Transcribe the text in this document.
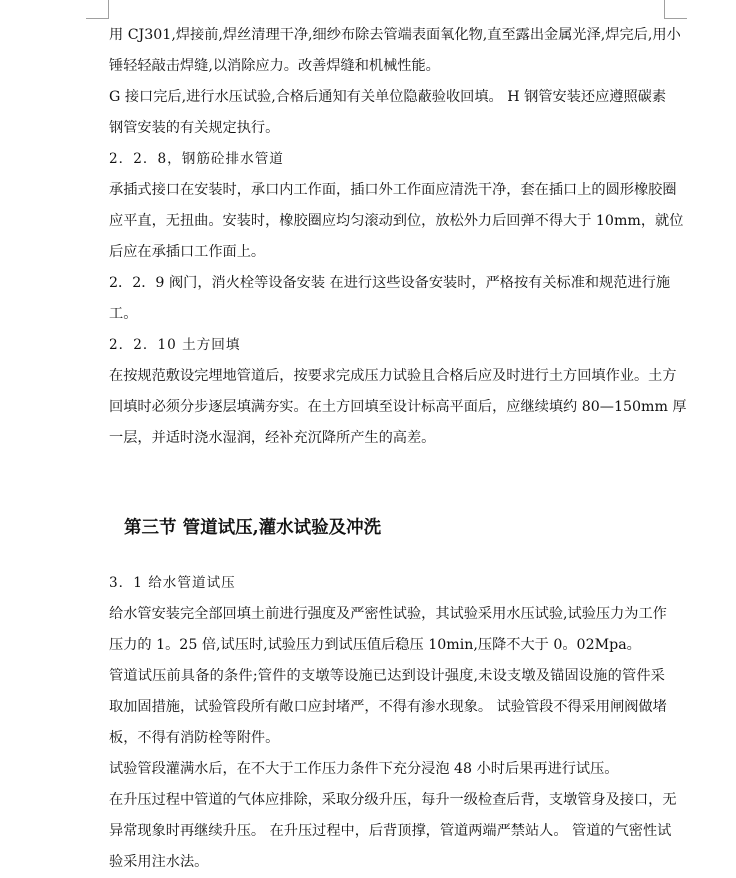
用 CJ301,焊接前,焊丝清理干净,细纱布除去管端表面氧化物,直至露出金属光泽,焊完后,用小
锤轻轻敲击焊缝,以消除应力。改善焊缝和机械性能。
G 接口完后,进行水压试验,合格后通知有关单位隐蔽验收回填。 H 钢管安装还应遵照碳素
钢管安装的有关规定执行。
2．2．8，钢筋砼排水管道
承插式接口在安装时，承口内工作面，插口外工作面应清洗干净，套在插口上的圆形橡胶圈
应平直，无扭曲。安装时，橡胶圈应均匀滚动到位，放松外力后回弹不得大于 10mm，就位
后应在承插口工作面上。
2．2．9 阀门，消火栓等设备安装 在进行这些设备安装时，严格按有关标准和规范进行施
工。
2．2．10 土方回填
在按规范敷设完埋地管道后，按要求完成压力试验且合格后应及时进行土方回填作业。土方
回填时必须分步逐层填满夯实。在土方回填至设计标高平面后，应继续填约 80—150mm 厚
一层，并适时浇水湿润，经补充沉降所产生的高差。
第三节 管道试压,灌水试验及冲洗
3．1 给水管道试压
给水管安装完全部回填土前进行强度及严密性试验，其试验采用水压试验,试验压力为工作
压力的 1。25 倍,试压时,试验压力到试压值后稳压 10min,压降不大于 0。02Mpa。
管道试压前具备的条件;管件的支墩等设施已达到设计强度,未设支墩及锚固设施的管件采
取加固措施，试验管段所有敞口应封堵严，不得有渗水现象。 试验管段不得采用闸阀做堵
板，不得有消防栓等附件。
试验管段灌满水后，在不大于工作压力条件下充分浸泡 48 小时后果再进行试压。
在升压过程中管道的气体应排除，采取分级升压，每升一级检查后背，支墩管身及接口，无
异常现象时再继续升压。 在升压过程中，后背顶撑，管道两端严禁站人。 管道的气密性试
验采用注水法。
